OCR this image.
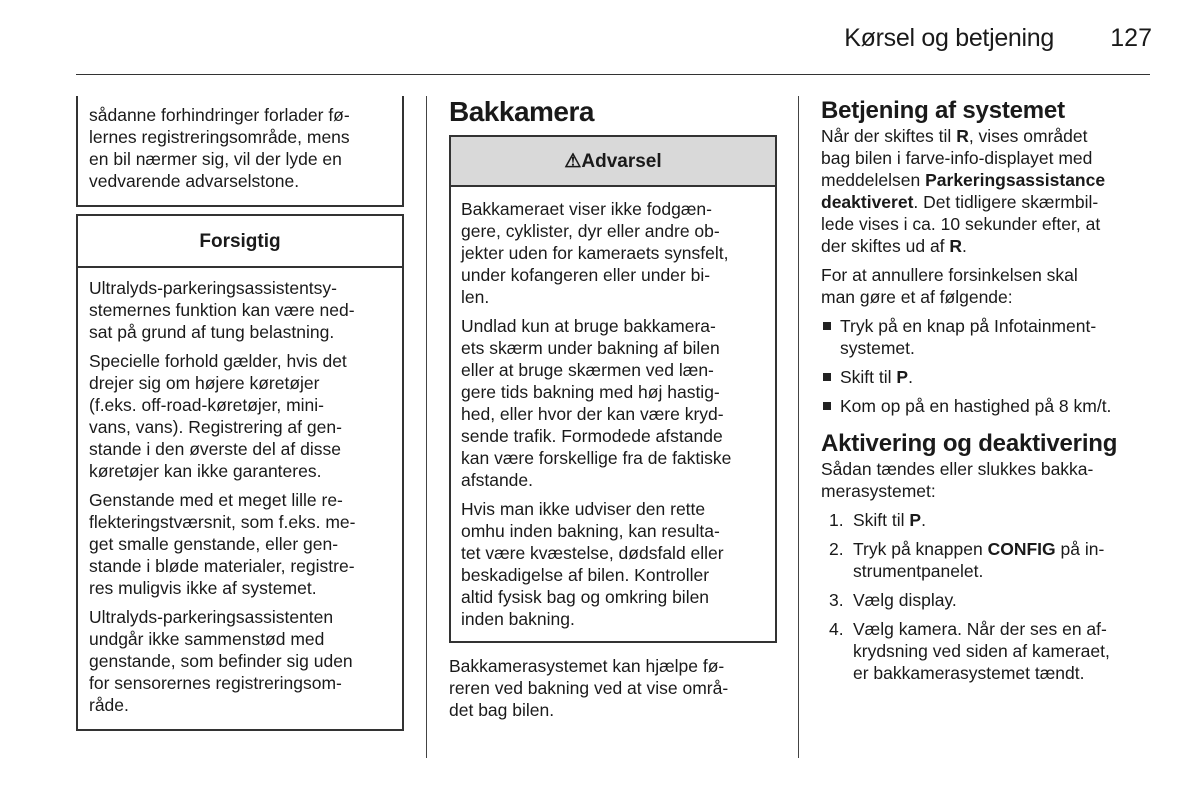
Kørsel og betjening 127
sådanne forhindringer forlader fø-
lernes registreringsområde, mens
en bil nærmer sig, vil der lyde en
vedvarende advarselstone.
Forsigtig

Ultralyds-parkeringsassistentsy-
stemernes funktion kan være ned-
sat på grund af tung belastning.

Specielle forhold gælder, hvis det
drejer sig om højere køretøjer
(f.eks. off-road-køretøjer, mini-
vans, vans). Registrering af gen-
stande i den øverste del af disse
køretøjer kan ikke garanteres.

Genstande med et meget lille re-
flekteringstværsnit, som f.eks. me-
get smalle genstande, eller gen-
stande i bløde materialer, registre-
res muligvis ikke af systemet.

Ultralyds-parkeringsassistenten
undgår ikke sammenstød med
genstande, som befinder sig uden
for sensorernes registreringsom-
råde.

Bakkamera
⚠Advarsel

Bakkameraet viser ikke fodgæn-
gere, cyklister, dyr eller andre ob-
jekter uden for kameraets synsfelt,
under kofangeren eller under bi-
len.

Undlad kun at bruge bakkamera-
ets skærm under bakning af bilen
eller at bruge skærmen ved læn-
gere tids bakning med høj hastig-
hed, eller hvor der kan være kryd-
sende trafik. Formodede afstande
kan være forskellige fra de faktiske
afstande.

Hvis man ikke udviser den rette
omhu inden bakning, kan resulta-
tet være kvæstelse, dødsfald eller
beskadigelse af bilen. Kontroller
altid fysisk bag og omkring bilen
inden bakning.

Bakkamerasystemet kan hjælpe fø-
reren ved bakning ved at vise områ-
det bag bilen.
Betjening af systemet

Når der skiftes til R, vises området
bag bilen i farve-info-displayet med
meddelelsen Parkeringsassistance
deaktiveret. Det tidligere skærmbil-
lede vises i ca. 10 sekunder efter, at
der skiftes ud af R.

For at annullere forsinkelsen skal
man gøre et af følgende:

Tryk på en knap på Infotainment-
systemet.
Skift til P.
Kom op på en hastighed på 8 km/t.
Aktivering og deaktivering

Sådan tændes eller slukkes bakka-
merasystemet:

1. Skift til P.
2. Tryk på knappen CONFIG på in-
strumentpanelet.
3. Vælg display.
4. Vælg kamera. Når der ses en af-
krydsning ved siden af kameraet,
er bakkamerasystemet tændt.
